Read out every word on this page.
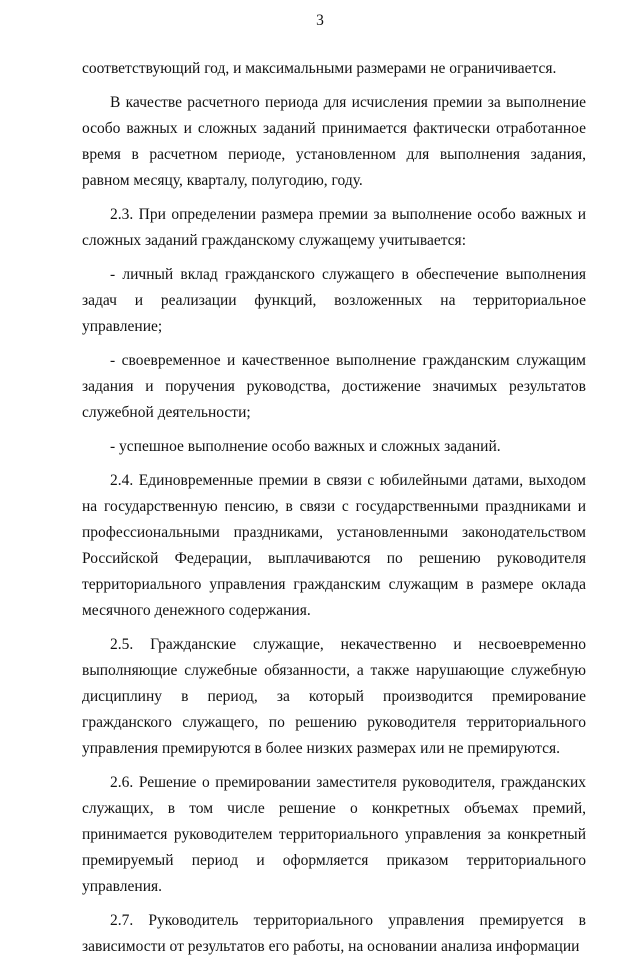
3

соответствующий год, и максимальными размерами не ограничивается.

В качестве расчетного периода для исчисления премии за выполнение особо важных и сложных заданий принимается фактически отработанное время в расчетном периоде, установленном для выполнения задания, равном месяцу, кварталу, полугодию, году.

2.3. При определении размера премии за выполнение особо важных и сложных заданий гражданскому служащему учитывается:

- личный вклад гражданского служащего в обеспечение выполнения задач и реализации функций, возложенных на территориальное управление;

- своевременное и качественное выполнение гражданским служащим задания и поручения руководства, достижение значимых результатов служебной деятельности;

- успешное выполнение особо важных и сложных заданий.

2.4. Единовременные премии в связи с юбилейными датами, выходом на государственную пенсию, в связи с государственными праздниками и профессиональными праздниками, установленными законодательством Российской Федерации, выплачиваются по решению руководителя территориального управления гражданским служащим в размере оклада месячного денежного содержания.

2.5. Гражданские служащие, некачественно и несвоевременно выполняющие служебные обязанности, а также нарушающие служебную дисциплину в период, за который производится премирование гражданского служащего, по решению руководителя территориального управления премируются в более низких размерах или не премируются.

2.6. Решение о премировании заместителя руководителя, гражданских служащих, в том числе решение о конкретных объемах премий, принимается руководителем территориального управления за конкретный премируемый период и оформляется приказом территориального управления.

2.7. Руководитель территориального управления премируется в зависимости от результатов его работы, на основании анализа информации
